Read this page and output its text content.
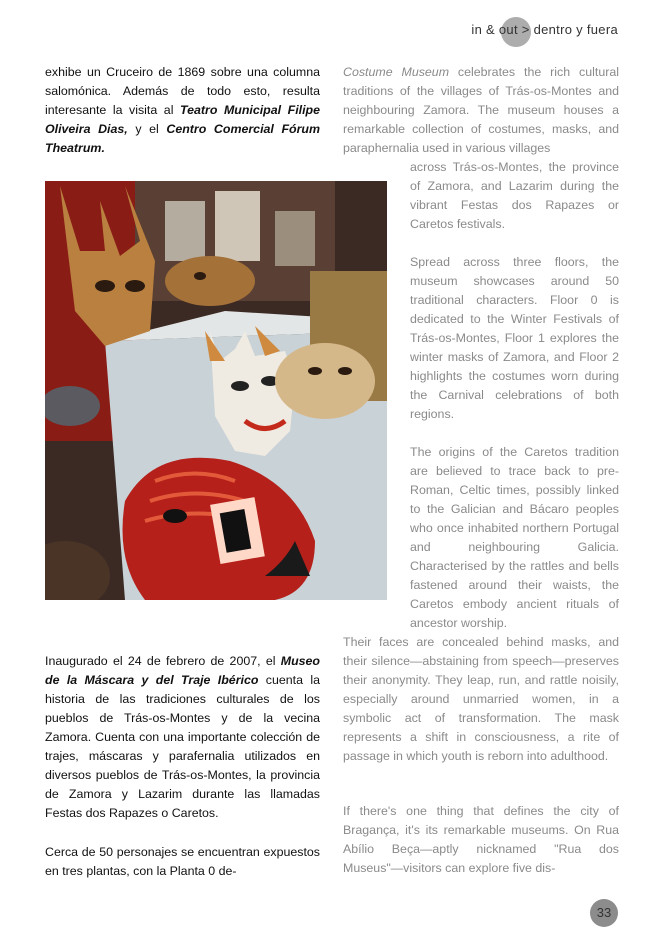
in & out > dentro y fuera

exhibe un Cruceiro de 1869 sobre una columna salomónica. Además de todo esto, resulta interesante la visita al Teatro Municipal Filipe Oliveira Dias, y el Centro Comercial Fórum Theatrum.

Inaugurado el 24 de febrero de 2007, el Museo de la Máscara y del Traje Ibérico cuenta la historia de las tradiciones culturales de los pueblos de Trás-os-Montes y de la vecina Zamora. Cuenta con una importante colección de trajes, máscaras y parafernalia utilizados en diversos pueblos de Trás-os-Montes, la provincia de Zamora y Lazarim durante las llamadas Festas dos Rapazes o Caretos.

Cerca de 50 personajes se encuentran expuestos en tres plantas, con la Planta 0 de-

Costume Museum celebrates the rich cultural traditions of the villages of Trás-os-Montes and neighbouring Zamora. The museum houses a remarkable collection of costumes, masks, and paraphernalia used in various villages

across Trás-os-Montes, the province of Zamora, and Lazarim during the vibrant Festas dos Rapazes or Caretos festivals.

Spread across three floors, the museum showcases around 50 traditional characters. Floor 0 is dedicated to the Winter Festivals of Trás-os-Montes, Floor 1 explores the winter masks of Zamora, and Floor 2 highlights the costumes worn during the Carnival celebrations of both regions.

The origins of the Caretos tradition are believed to trace back to pre-Roman, Celtic times, possibly linked to the Galician and Bácaro peoples who once inhabited northern Portugal and neighbouring Galicia. Characterised by the rattles and bells fastened around their waists, the Caretos embody ancient rituals of ancestor worship.

Their faces are concealed behind masks, and their silence—abstaining from speech—preserves their anonymity. They leap, run, and rattle noisily, especially around unmarried women, in a symbolic act of transformation. The mask represents a shift in consciousness, a rite of passage in which youth is reborn into adulthood.

If there's one thing that defines the city of Bragança, it's its remarkable museums. On Rua Abílio Beça—aptly nicknamed "Rua dos Museus"—visitors can explore five dis-

33
